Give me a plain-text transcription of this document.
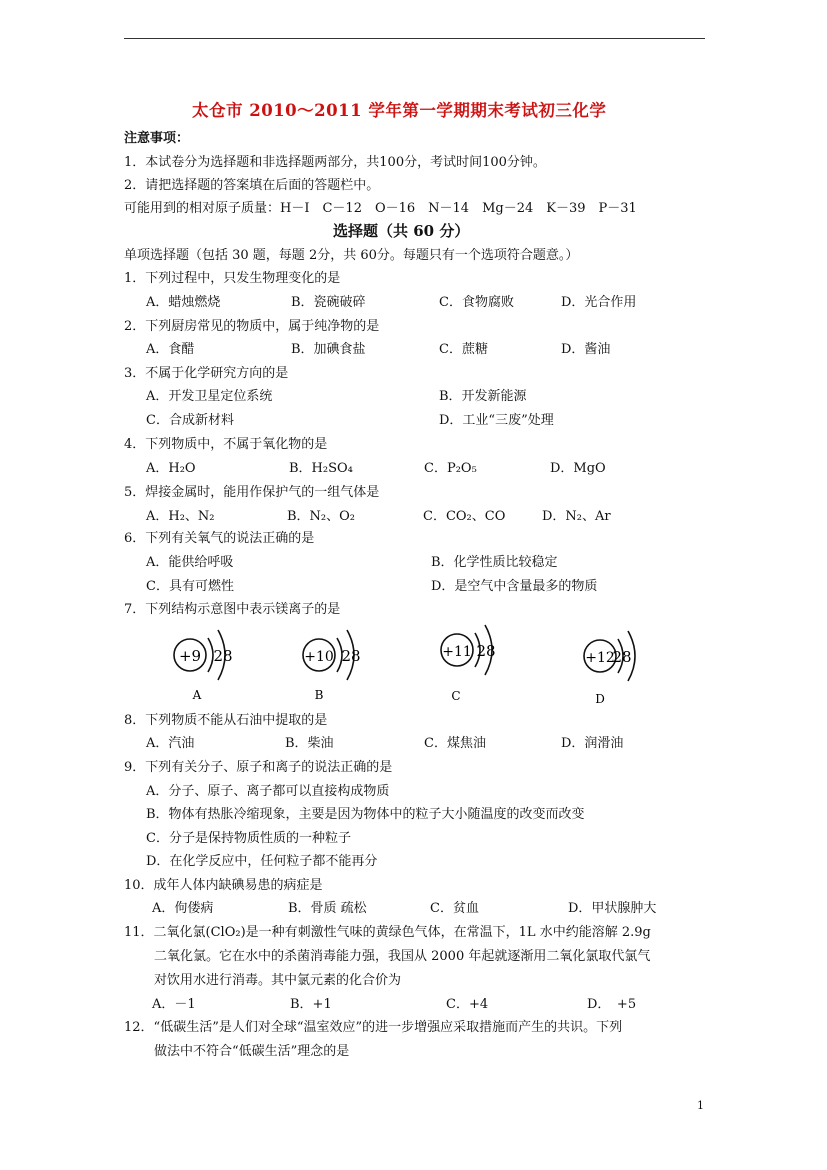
太仓市 2010～2011 学年第一学期期末考试初三化学
注意事项：
1．本试卷分为选择题和非选择题两部分，共100分，考试时间100分钟。
2．请把选择题的答案填在后面的答题栏中。
可能用到的相对原子质量：H－I　C－12　O－16　N－14　Mg－24　K－39　P－31
选择题（共 60 分）
单项选择题（包括 30 题，每题 2分，共 60分。每题只有一个选项符合题意。）
1．下列过程中，只发生物理变化的是
A．蜡烛燃烧	B．瓷碗破碎	C．食物腐败	D．光合作用
2．下列厨房常见的物质中，属于纯净物的是
A．食醋	B．加碘食盐	C．蔗糖	D．酱油
3．不属于化学研究方向的是
A．开发卫星定位系统	B．开发新能源
C．合成新材料	D．工业“三废”处理
4．下列物质中，不属于氧化物的是
A．H₂O	B．H₂SO₄	C．P₂O₅	D．MgO
5．焊接金属时，能用作保护气的一组气体是
A．H₂、N₂	B．N₂、O₂	C．CO₂、CO	D．N₂、Ar
6．下列有关氧气的说法正确的是
A．能供给呼吸	B．化学性质比较稳定
C．具有可燃性	D．是空气中含量最多的物质
7．下列结构示意图中表示镁离子的是
+9 28
A
+10 28
B
+11 28
C
+12
28
D
8．下列物质不能从石油中提取的是
A．汽油	B．柴油	C．煤焦油	D．润滑油
9．下列有关分子、原子和离子的说法正确的是
A．分子、原子、离子都可以直接构成物质
B．物体有热胀冷缩现象，主要是因为物体中的粒子大小随温度的改变而改变
C．分子是保持物质性质的一种粒子
D．在化学反应中，任何粒子都不能再分
10．成年人体内缺碘易患的病症是
A．佝偻病	B．骨质 疏松	C．贫血	D．甲状腺肿大
11．二氧化氯(ClO₂)是一种有刺激性气味的黄绿色气体，在常温下，1L 水中约能溶解 2.9g
二氧化氯。它在水中的杀菌消毒能力强，我国从 2000 年起就逐渐用二氧化氯取代氯气
对饮用水进行消毒。其中氯元素的化合价为
A．－1	B．+1	C．+4	D．　+5
12．“低碳生活”是人们对全球“温室效应”的进一步增强应采取措施而产生的共识。下列
做法中不符合“低碳生活”理念的是
1
